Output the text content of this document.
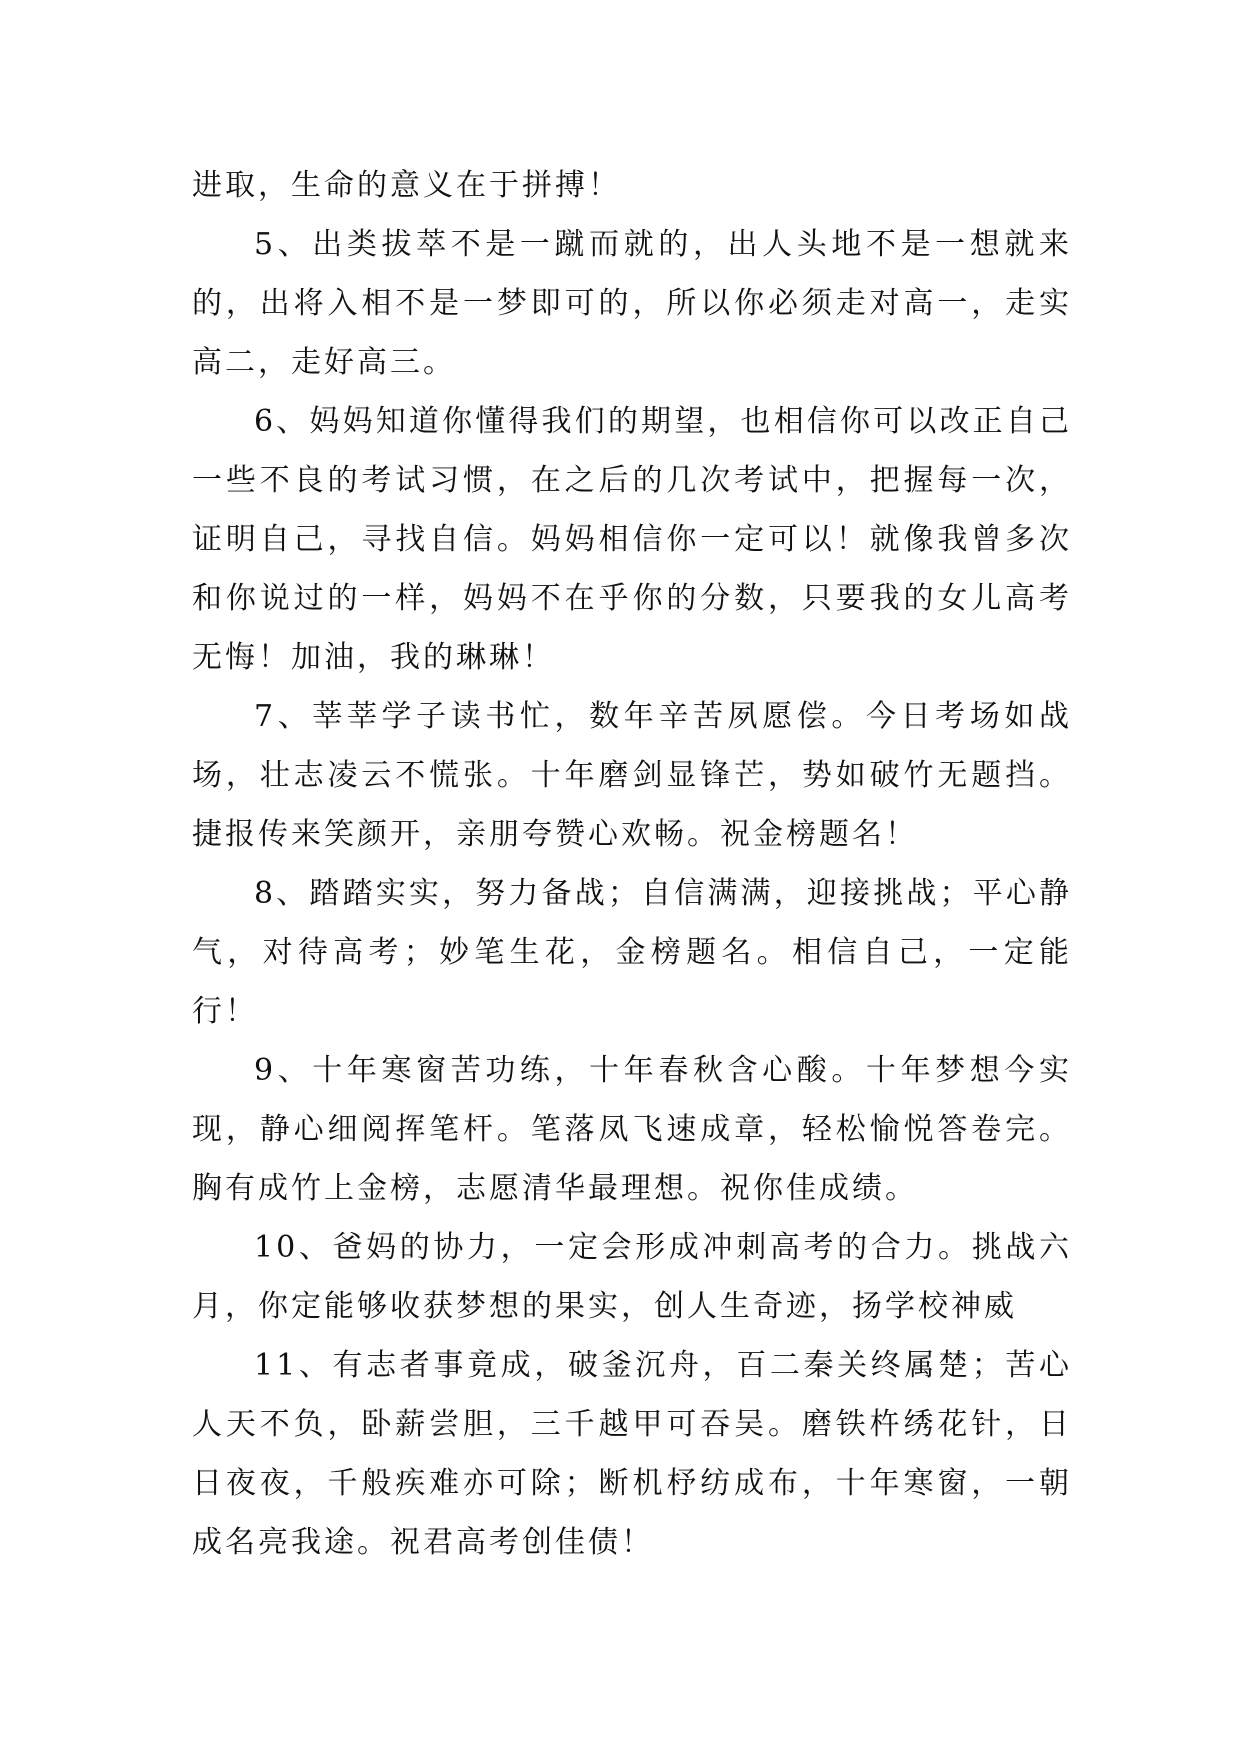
进取，生命的意义在于拼搏！

5、出类拔萃不是一蹴而就的，出人头地不是一想就来的，出将入相不是一梦即可的，所以你必须走对高一，走实高二，走好高三。

6、妈妈知道你懂得我们的期望，也相信你可以改正自己一些不良的考试习惯，在之后的几次考试中，把握每一次，证明自己，寻找自信。妈妈相信你一定可以！就像我曾多次和你说过的一样，妈妈不在乎你的分数，只要我的女儿高考无悔！加油，我的琳琳！

7、莘莘学子读书忙，数年辛苦夙愿偿。今日考场如战场，壮志凌云不慌张。十年磨剑显锋芒，势如破竹无题挡。捷报传来笑颜开，亲朋夸赞心欢畅。祝金榜题名！

8、踏踏实实，努力备战；自信满满，迎接挑战；平心静气，对待高考；妙笔生花，金榜题名。相信自己，一定能行！

9、十年寒窗苦功练，十年春秋含心酸。十年梦想今实现，静心细阅挥笔杆。笔落凤飞速成章，轻松愉悦答卷完。胸有成竹上金榜，志愿清华最理想。祝你佳成绩。

10、爸妈的协力，一定会形成冲刺高考的合力。挑战六月，你定能够收获梦想的果实，创人生奇迹，扬学校神威

11、有志者事竟成，破釜沉舟，百二秦关终属楚；苦心人天不负，卧薪尝胆，三千越甲可吞吴。磨铁杵绣花针，日日夜夜，千般疾难亦可除；断机杼纺成布，十年寒窗，一朝成名亮我途。祝君高考创佳债！
